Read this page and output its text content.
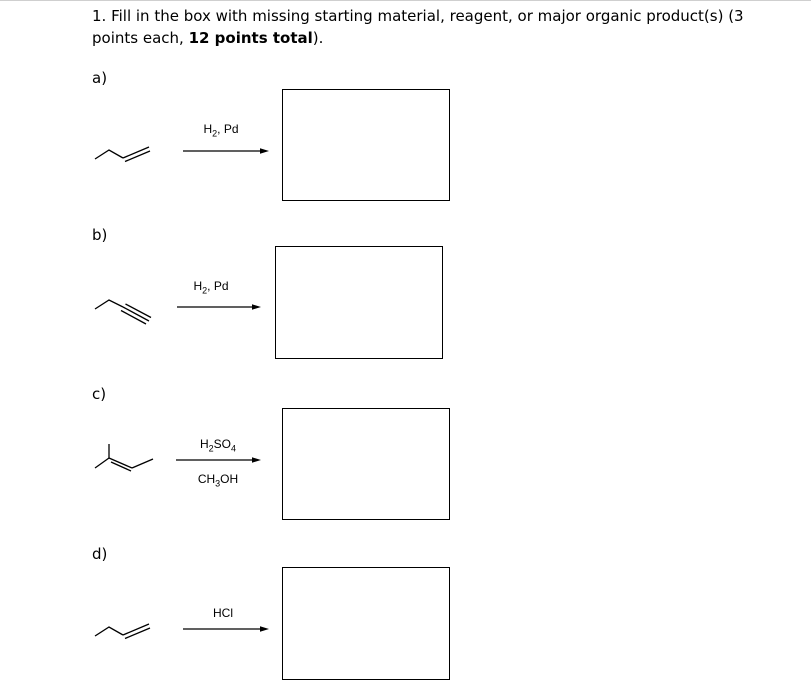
1. Fill in the box with missing starting material, reagent, or major organic product(s) (3 points each, 12 points total).
a)
$H_2$, Pd
b)
$H_2$, Pd
c)
$H_2SO_4$
$CH_3OH$
d)
HCl
